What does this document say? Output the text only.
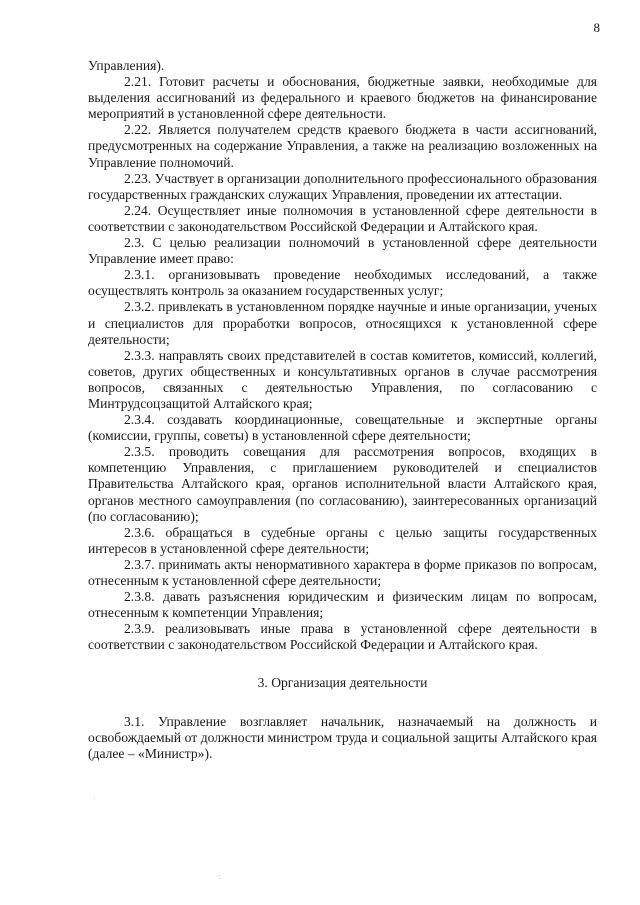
8

Управления).

2.21. Готовит расчеты и обоснования, бюджетные заявки, необходимые для выделения ассигнований из федерального и краевого бюджетов на финансирование мероприятий в установленной сфере деятельности.

2.22. Является получателем средств краевого бюджета в части ассигнований, предусмотренных на содержание Управления, а также на реализацию возложенных на Управление полномочий.

2.23. Участвует в организации дополнительного профессионального образования государственных гражданских служащих Управления, проведении их аттестации.

2.24. Осуществляет иные полномочия в установленной сфере деятельности в соответствии с законодательством Российской Федерации и Алтайского края.

2.3. С целью реализации полномочий в установленной сфере деятельности Управление имеет право:

2.3.1. организовывать проведение необходимых исследований, а также осуществлять контроль за оказанием государственных услуг;

2.3.2. привлекать в установленном порядке научные и иные организации, ученых и специалистов для проработки вопросов, относящихся к установленной сфере деятельности;

2.3.3. направлять своих представителей в состав комитетов, комиссий, коллегий, советов, других общественных и консультативных органов в случае рассмотрения вопросов, связанных с деятельностью Управления, по согласованию с Минтрудсоцзащитой Алтайского края;

2.3.4. создавать координационные, совещательные и экспертные органы (комиссии, группы, советы) в установленной сфере деятельности;

2.3.5. проводить совещания для рассмотрения вопросов, входящих в компетенцию Управления, с приглашением руководителей и специалистов Правительства Алтайского края, органов исполнительной власти Алтайского края, органов местного самоуправления (по согласованию), заинтересованных организаций (по согласованию);

2.3.6. обращаться в судебные органы с целью защиты государственных интересов в установленной сфере деятельности;

2.3.7. принимать акты ненормативного характера в форме приказов по вопросам, отнесенным к установленной сфере деятельности;

2.3.8. давать разъяснения юридическим и физическим лицам по вопросам, отнесенным к компетенции Управления;

2.3.9. реализовывать иные права в установленной сфере деятельности в соответствии с законодательством Российской Федерации и Алтайского края.

3. Организация деятельности

3.1. Управление возглавляет начальник, назначаемый на должность и освобождаемый от должности министром труда и социальной защиты Алтайского края (далее – «Министр»).

'
·:
